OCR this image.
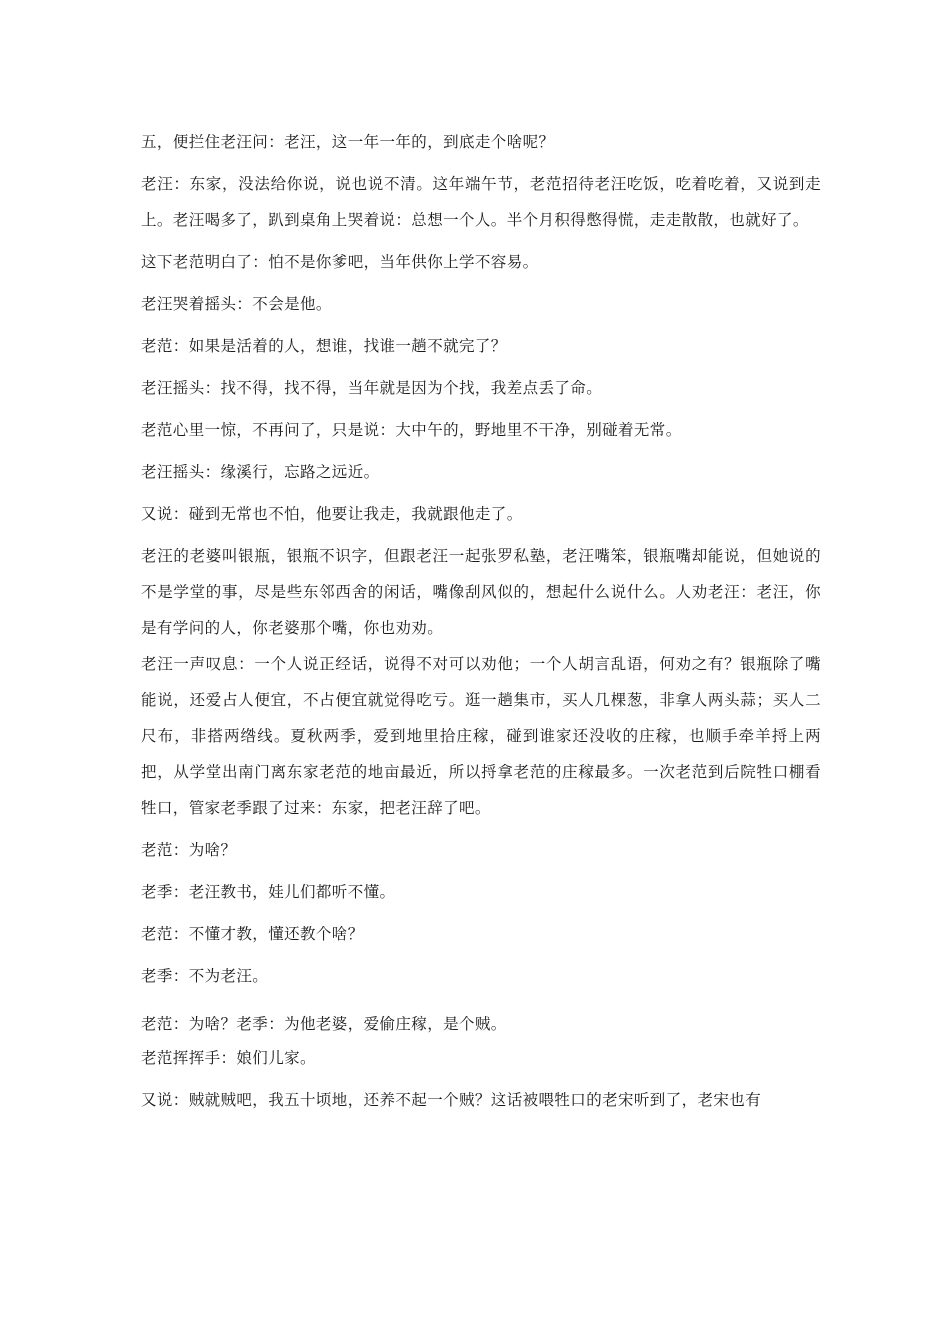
五，便拦住老汪问：老汪，这一年一年的，到底走个啥呢？

老汪：东家，没法给你说，说也说不清。这年端午节，老范招待老汪吃饭，吃着吃着，又说到走上。老汪喝多了，趴到桌角上哭着说：总想一个人。半个月积得憋得慌，走走散散，也就好了。

这下老范明白了：怕不是你爹吧，当年供你上学不容易。

老汪哭着摇头：不会是他。

老范：如果是活着的人，想谁，找谁一趟不就完了？

老汪摇头：找不得，找不得，当年就是因为个找，我差点丢了命。

老范心里一惊，不再问了，只是说：大中午的，野地里不干净，别碰着无常。

老汪摇头：缘溪行，忘路之远近。

又说：碰到无常也不怕，他要让我走，我就跟他走了。

老汪的老婆叫银瓶，银瓶不识字，但跟老汪一起张罗私塾，老汪嘴笨，银瓶嘴却能说，但她说的不是学堂的事，尽是些东邻西舍的闲话，嘴像刮风似的，想起什么说什么。人劝老汪：老汪，你是有学问的人，你老婆那个嘴，你也劝劝。

老汪一声叹息：一个人说正经话，说得不对可以劝他；一个人胡言乱语，何劝之有？银瓶除了嘴能说，还爱占人便宜，不占便宜就觉得吃亏。逛一趟集市，买人几棵葱，非拿人两头蒜；买人二尺布，非搭两绺线。夏秋两季，爱到地里拾庄稼，碰到谁家还没收的庄稼，也顺手牵羊捋上两把，从学堂出南门离东家老范的地亩最近，所以捋拿老范的庄稼最多。一次老范到后院牲口棚看牲口，管家老季跟了过来：东家，把老汪辞了吧。

老范：为啥？

老季：老汪教书，娃儿们都听不懂。

老范：不懂才教，懂还教个啥？

老季：不为老汪。

老范：为啥？老季：为他老婆，爱偷庄稼，是个贼。

老范挥挥手：娘们儿家。

又说：贼就贼吧，我五十顷地，还养不起一个贼？这话被喂牲口的老宋听到了，老宋也有
